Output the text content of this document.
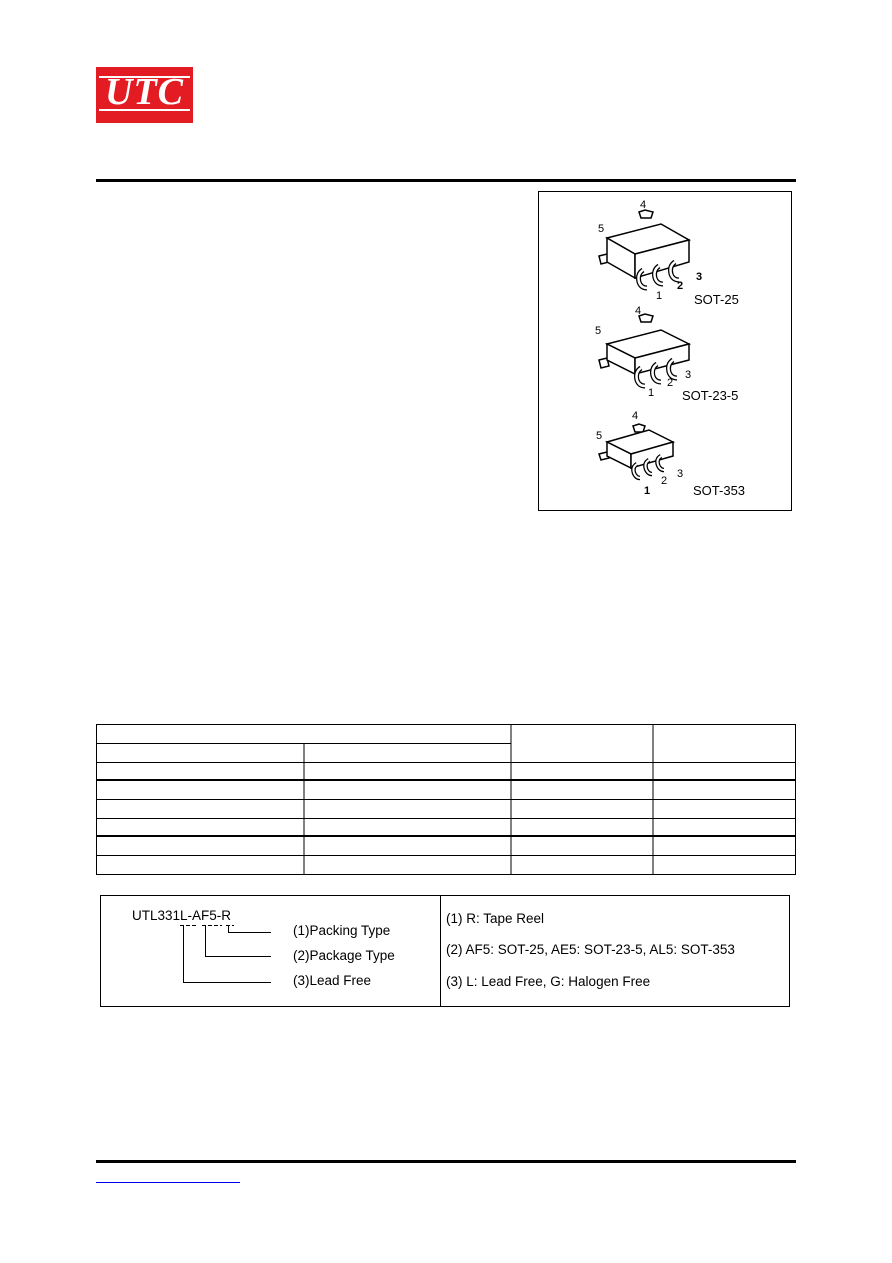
UTC
4
5
3
2
1 SOT-25
4
5
3
2
1 SOT-23-5
4
5
3
2
1	SOT-353
UTL331L-AF5-R
(1)Packing Type
(2)Package Type
(3)Lead Free
(1) R: Tape Reel
(2) AF5: SOT-25, AE5: SOT-23-5, AL5: SOT-353
(3) L: Lead Free, G: Halogen Free
